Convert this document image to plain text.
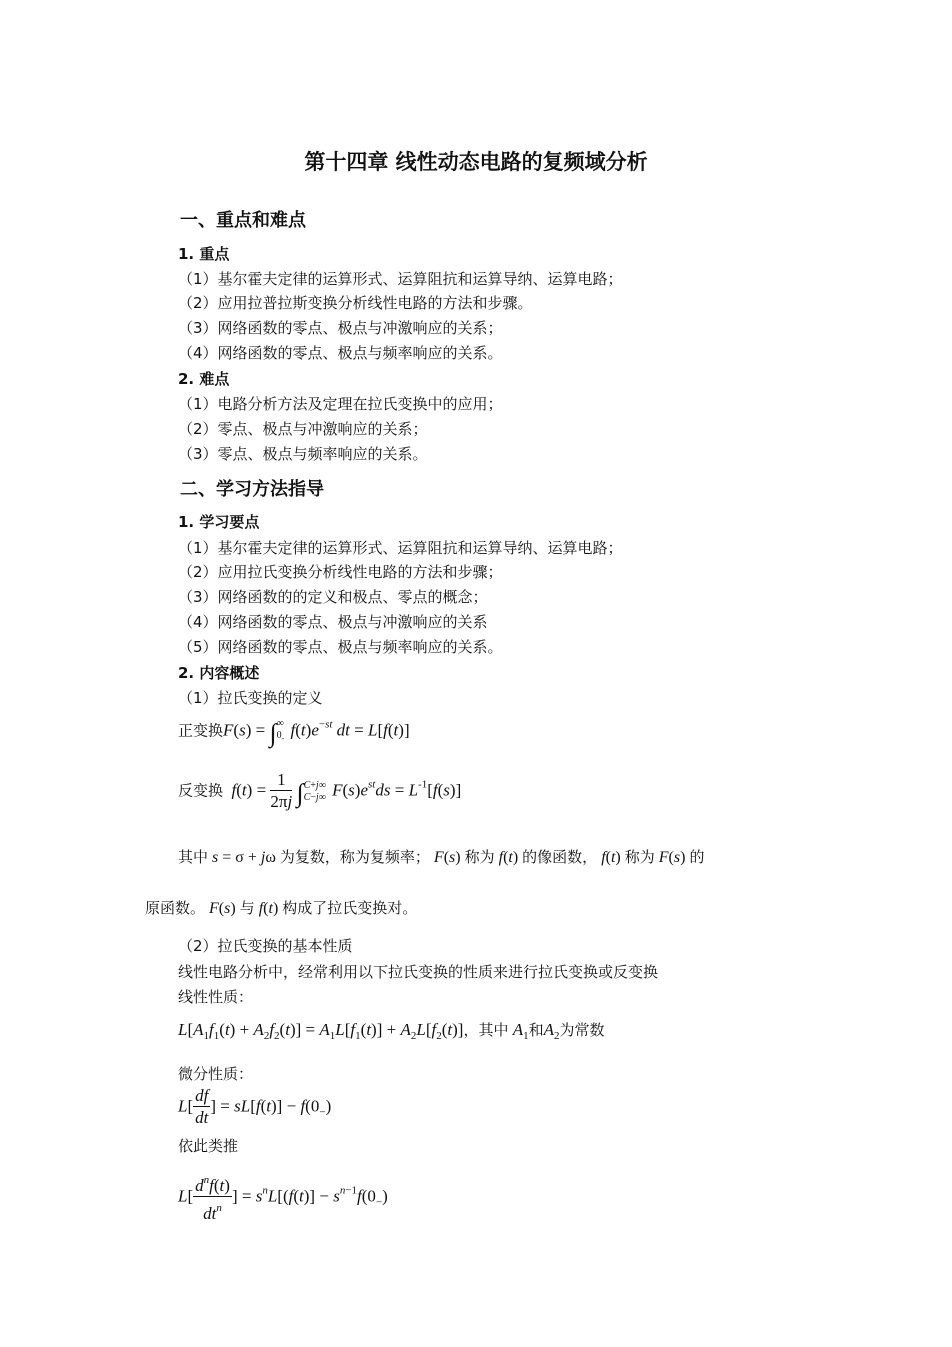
第十四章 线性动态电路的复频域分析
一、重点和难点
1. 重点
（1）基尔霍夫定律的运算形式、运算阻抗和运算导纳、运算电路；
（2）应用拉普拉斯变换分析线性电路的方法和步骤。
（3）网络函数的零点、极点与冲激响应的关系；
（4）网络函数的零点、极点与频率响应的关系。
2. 难点
（1）电路分析方法及定理在拉氏变换中的应用；
（2）零点、极点与冲激响应的关系；
（3）零点、极点与频率响应的关系。
二、学习方法指导
1. 学习要点
（1）基尔霍夫定律的运算形式、运算阻抗和运算导纳、运算电路；
（2）应用拉氏变换分析线性电路的方法和步骤；
（3）网络函数的的定义和极点、零点的概念；
（4）网络函数的零点、极点与冲激响应的关系
（5）网络函数的零点、极点与频率响应的关系。
2. 内容概述
（1）拉氏变换的定义
正变换F(s) = ∫ ∞
$0_-$ $f(t)e^{-st}$ dt = L[f(t)]
反变换 $f(t) = \frac{1}{2\pi j}$ ∫ C+j∞
C−j∞ $F(s)e^{st}ds = L^{-1}[f(s)]$
其中 s = σ + jω 为复数，称为复频率； F(s) 称为 f(t) 的像函数， f(t) 称为 F(s) 的
原函数。 F(s) 与 f(t) 构成了拉氏变换对。
（2）拉氏变换的基本性质
线性电路分析中，经常利用以下拉氏变换的性质来进行拉氏变换或反变换
线性性质：
$L[A_1f_1(t) + A_2f_2(t)] = A_1L[f_1(t)] + A_2L[f_2(t)]$，其中 $A_1$和$A_2$为常数
微分性质：
$L[ \frac{df}{dt}$ ] = $sL[f(t)] - f(0_-)$
依此类推
$L[ \frac{d^nf(t)}{dt^n}$ ] = $s^nL[(f(t)] - s^{n-1}f(0_-)$
